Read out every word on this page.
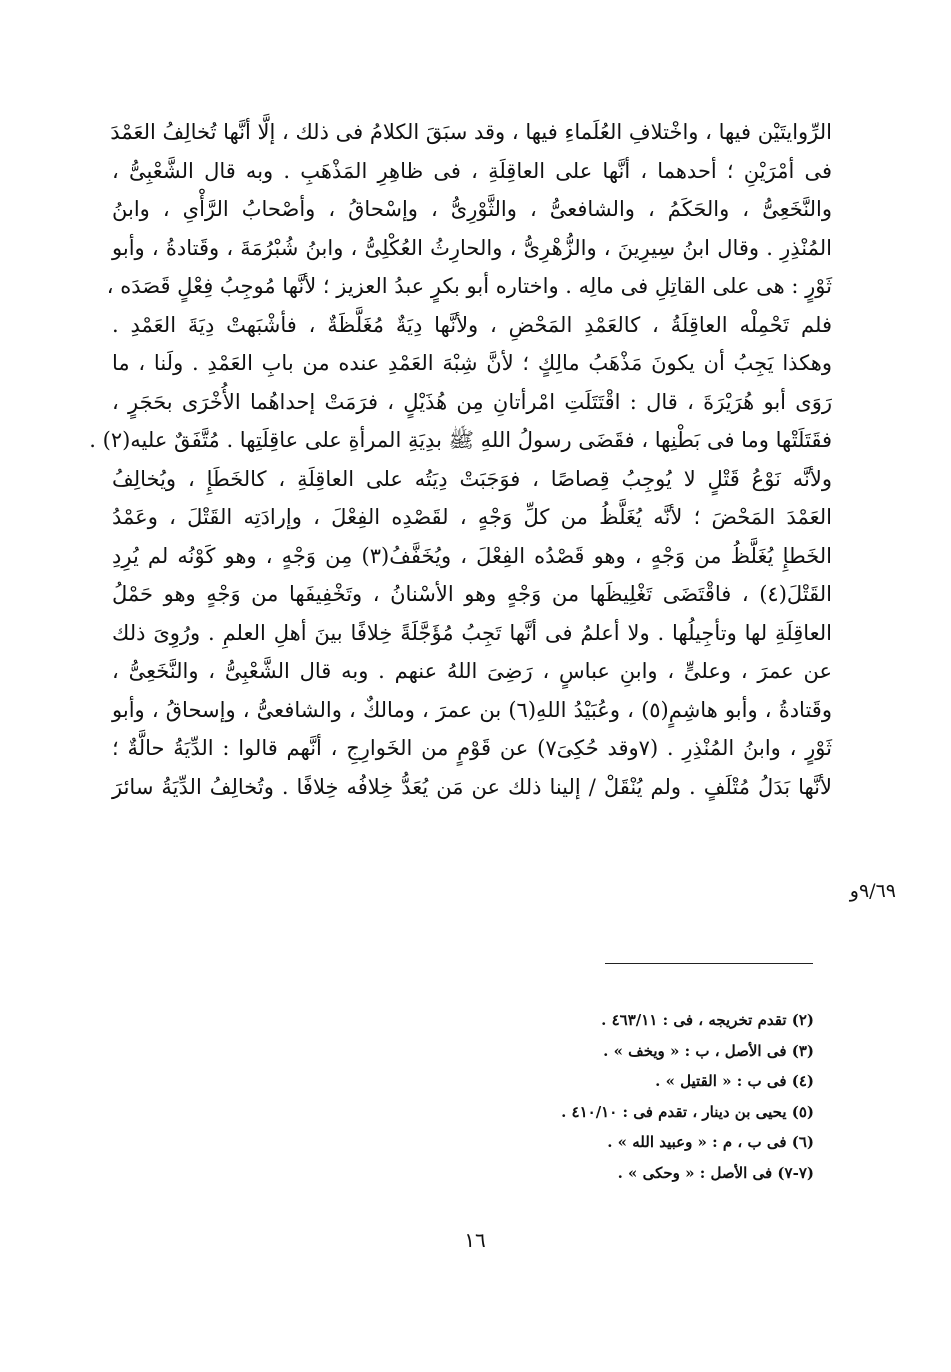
الرِّوايتَيْن فيها ، واخْتلافِ العُلَماءِ فيها ، وقد سبَقَ الكلامُ فى ذلك ، إلَّا أنَّها تُخالِفُ العَمْدَ
فى أمْرَيْنِ ؛ أحدهما ، أنَّها على العاقِلَةِ ، فى ظاهِرِ المَذْهَبِ . وبه قال الشَّعْبِىُّ ،
والنَّخَعِىُّ ، والحَكَمُ ، والشافعىُّ ، والثَّوْرِىُّ ، وإسْحاقُ ، وأصْحابُ الرَّأْىِ ، وابنُ
المُنْذِرِ . وقال ابنُ سِيرِينَ ، والزُّهْرِىُّ ، والحارِثُ العُكْلِىُّ ، وابنُ شُبْرُمَةَ ، وقَتادةُ ، وأبو
ثَوْرٍ : هى على القاتِلِ فى مالِه . واختاره أبو بكرٍ عبدُ العزيز ؛ لأنَّها مُوجِبُ فِعْلٍ قَصَدَه ،
فلم تَحْمِلْه العاقِلَةُ ، كالعَمْدِ المَحْضِ ، ولأنَّها دِيَةٌ مُغَلَّظَةٌ ، فأشْبَهتْ دِيَةَ العَمْدِ .
وهكذا يَجِبُ أن يكونَ مَذْهَبُ مالِكٍ ؛ لأنَّ شِبْهَ العَمْدِ عنده من بابِ العَمْدِ . ولَنا ، ما
رَوَى أبو هُرَيْرَةَ ، قال : اقْتَتَلَتِ امْرأتانِ مِن هُذَيْلٍ ، فرَمَتْ إحداهُما الأُخْرَى بحَجَرٍ ،
فقَتَلَتْها وما فى بَطْنِها ، فقَضَى رسولُ اللهِ ﷺ بدِيَةِ المرأةِ على عاقِلَتِها . مُتَّفَقٌ عليه(٢) .
ولأنَّه نَوْعُ قَتْلٍ لا يُوجِبُ قِصاصًا ، فوَجَبَتْ دِيَتُه على العاقِلَةِ ، كالخَطَإِ ، ويُخالِفُ
العَمْدَ المَحْضَ ؛ لأنَّه يُغَلَّظُ من كلِّ وَجْهٍ ، لقَصْدِه الفِعْلَ ، وإرادَتِه القَتْلَ ، وعَمْدُ
الخَطإِ يُغَلَّظُ من وَجْهٍ ، وهو قَصْدُه الفِعْلَ ، ويُخَفَّفُ(٣) مِن وَجْهٍ ، وهو كَوْنُه لم يُرِدِ
القَتْلَ(٤) ، فاقْتَضَى تَغْلِيظَها من وَجْهٍ وهو الأسْنانُ ، وتَخْفِيفَها من وَجْهٍ وهو حَمْلُ
العاقِلَةِ لها وتأجِيلُها . ولا أعلمُ فى أنَّها تَجِبُ مُؤَجَّلَةً خِلافًا بينَ أهلِ العلمِ . ورُوِىَ ذلك
عن عمرَ ، وعلىٍّ ، وابنِ عباسٍ ، رَضِىَ اللهُ عنهم . وبه قال الشَّعْبِىُّ ، والنَّخَعِىُّ ،
وقَتادةُ ، وأبو هاشِمٍ(٥) ، وعُبَيْدُ اللهِ(٦) بن عمرَ ، ومالكٌ ، والشافعىُّ ، وإسحاقُ ، وأبو
ثَوْرٍ ، وابنُ المُنْذِرِ . (٧وقد حُكِىَ٧) عن قَوْمٍ من الخَوارِجِ ، أنَّهم قالوا : الدِّيَةُ حالَّةٌ ؛
لأنَّها بَدَلُ مُتْلَفٍ . ولم يُنْقَلْ / إلينا ذلك عن مَن يُعَدُّ خِلافُه خِلافًا . وتُخالِفُ الدِّيَةُ سائرَ
٩/٦٩و
(٢) تقدم تخريجه ، فى : ٤٦٣/١١ .
(٣) فى الأصل ، ب : « ويخف » .
(٤) فى ب : « القتيل » .
(٥) يحيى بن دينار ، تقدم فى : ٤١٠/١٠ .
(٦) فى ب ، م : « وعبيد الله » .
(٧-٧) فى الأصل : « وحكى » .
١٦
